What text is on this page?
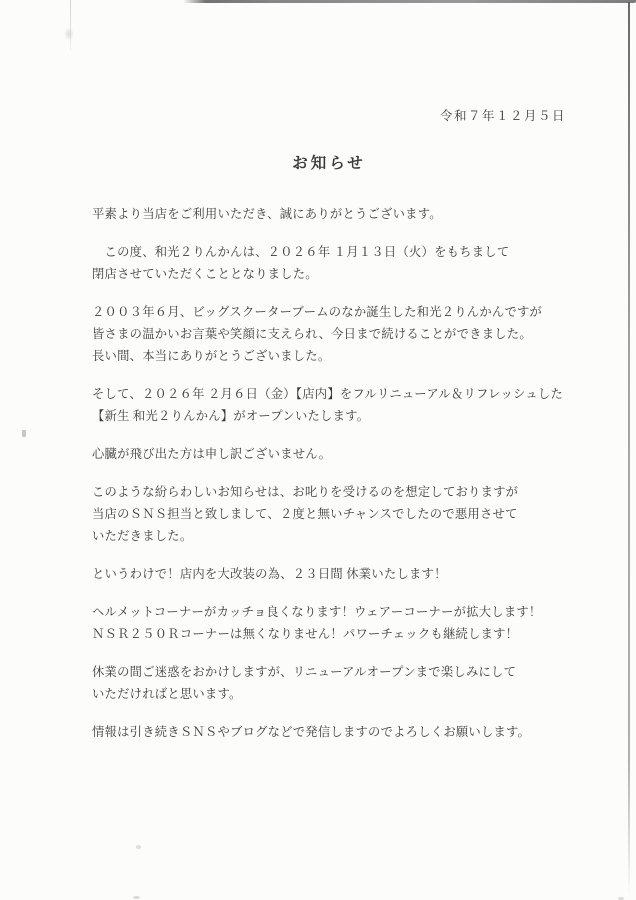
令和７年１２月５日
お知らせ

平素より当店をご利用いただき、誠にありがとうございます。

　この度、和光２りんかんは、２０２６年 １月１３日（火）をもちまして
閉店させていただくこととなりました。

２００３年６月、ビッグスクーターブームのなか誕生した和光２りんかんですが
皆さまの温かいお言葉や笑顔に支えられ、今日まで続けることができました。
長い間、本当にありがとうございました。

そして、２０２６年 ２月６日（金）【店内】をフルリニューアル＆リフレッシュした
【新生 和光２りんかん】がオープンいたします。

心臓が飛び出た方は申し訳ございません。

このような紛らわしいお知らせは、お叱りを受けるのを想定しておりますが
当店のＳＮＳ担当と致しまして、２度と無いチャンスでしたので悪用させて
いただきました。

というわけで！店内を大改装の為、２３日間 休業いたします！

ヘルメットコーナーがカッチョ良くなります！ウェアーコーナーが拡大します！
ＮＳＲ２５０Ｒコーナーは無くなりません！パワーチェックも継続します！

休業の間ご迷惑をおかけしますが、リニューアルオープンまで楽しみにして
いただければと思います。

情報は引き続きＳＮＳやブログなどで発信しますのでよろしくお願いします。
